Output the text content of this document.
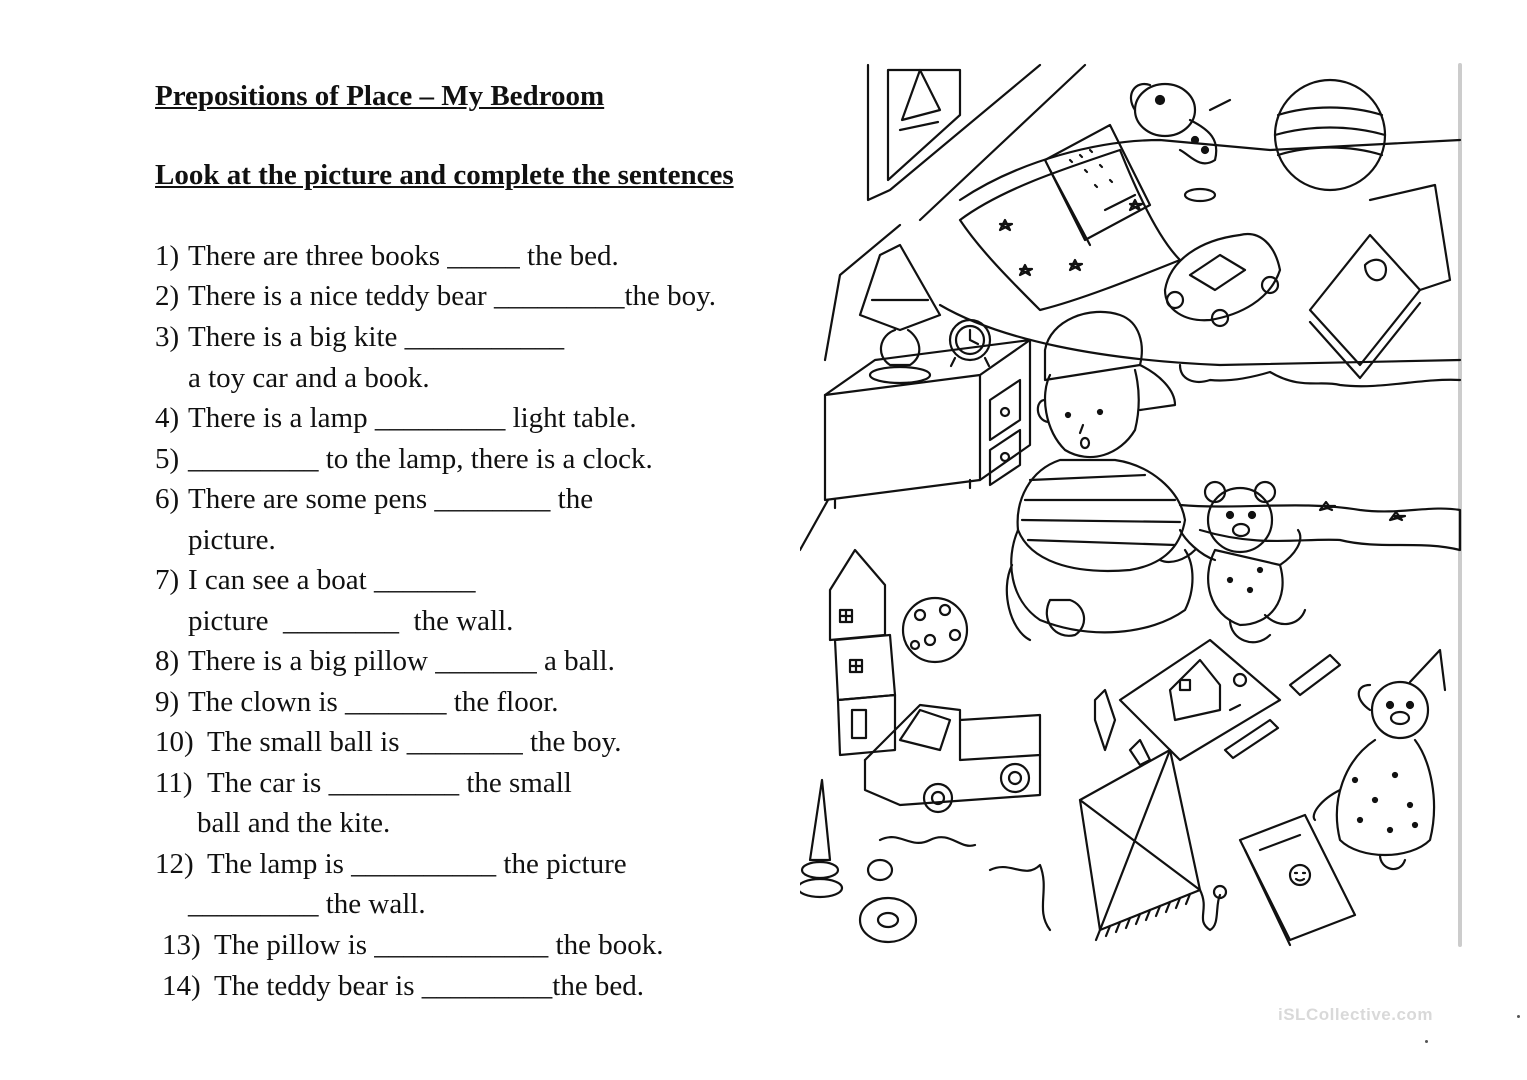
Prepositions of Place – My Bedroom
Look at the picture and complete the sentences
1) There are three books _____ the bed.
2) There is a nice teddy bear _________the boy.
3) There is a big kite ___________
a toy car and a book.
4) There is a lamp _________ light table.
5) _________ to the lamp, there is a clock.
6) There are some pens ________ the
picture.
7) I can see a boat _______
picture  ________  the wall.
8) There is a big pillow _______ a ball.
9) The clown is _______ the floor.
10) The small ball is ________ the boy.
11) The car is _________ the small
ball and the kite.
12) The lamp is __________ the picture
_________ the wall.
13) The pillow is ____________ the book.
14) The teddy bear is _________the bed.
iSLCollective.com
